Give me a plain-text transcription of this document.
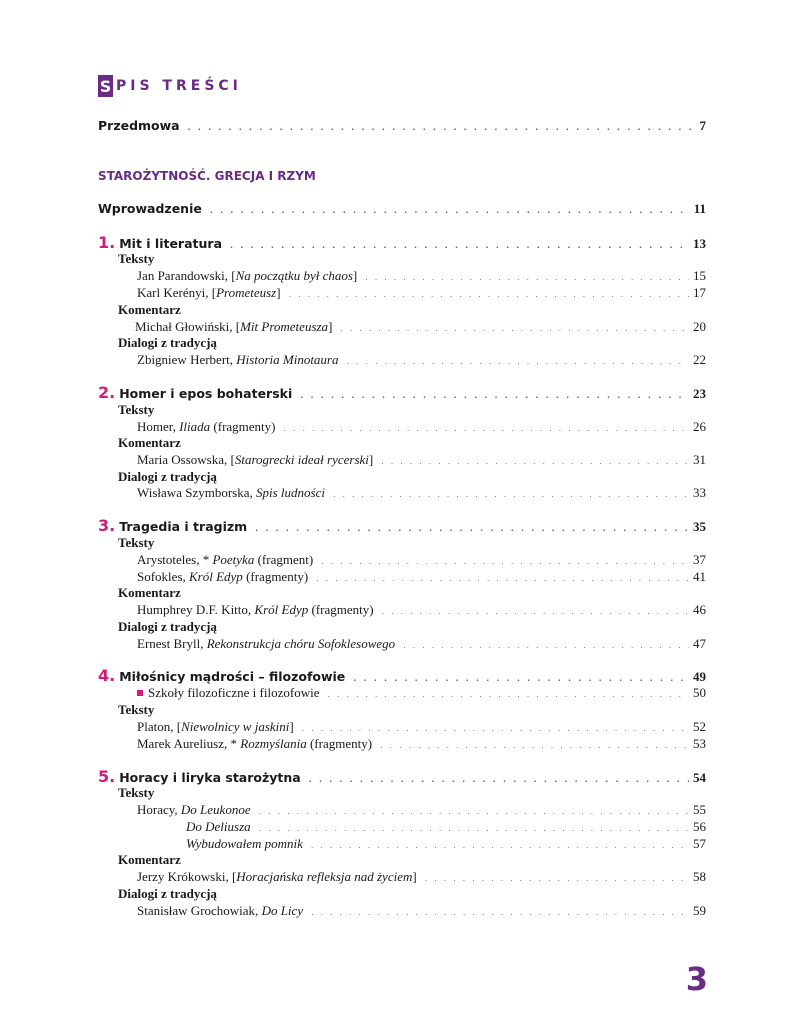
S PIS TREŚCI
Przedmowa . . .	7
STAROŻYTNOŚĆ. GRECJA I RZYM
Wprowadzenie . . .	11
1. Mit i literatura . . .	13
Teksty
Jan Parandowski, [Na początku był chaos] . . .	15
Karl Kerényi, [Prometeusz] . . .	17
Komentarz
Michał Głowiński, [Mit Prometeusza] . . .	20
Dialogi z tradycją
Zbigniew Herbert, Historia Minotaura . . .	22
2. Homer i epos bohaterski . . .	23
Teksty
Homer, Iliada (fragmenty) . . .	26
Komentarz
Maria Ossowska, [Starogrecki ideał rycerski] . . .	31
Dialogi z tradycją
Wisława Szymborska, Spis ludności . . .	33
3. Tragedia i tragizm . . .	35
Teksty
Arystoteles, * Poetyka (fragment) . . .	37
Sofokles, Król Edyp (fragmenty) . . .	41
Komentarz
Humphrey D.F. Kitto, Król Edyp (fragmenty) . . .	46
Dialogi z tradycją
Ernest Bryll, Rekonstrukcja chóru Sofoklesowego . . .	47
4. Miłośnicy mądrości – filozofowie . . .	49
Szkoły filozoficzne i filozofowie . . .	50
Teksty
Platon, [Niewolnicy w jaskini] . . .	52
Marek Aureliusz, * Rozmyślania (fragmenty) . . .	53
5. Horacy i liryka starożytna . . .	54
Teksty
Horacy, Do Leukonoe . . .	55
Do Deliusza . . .	56
Wybudowałem pomnik . . .	57
Komentarz
Jerzy Krókowski, [Horacjańska refleksja nad życiem] . . .	58
Dialogi z tradycją
Stanisław Grochowiak, Do Licy . . .	59
3
